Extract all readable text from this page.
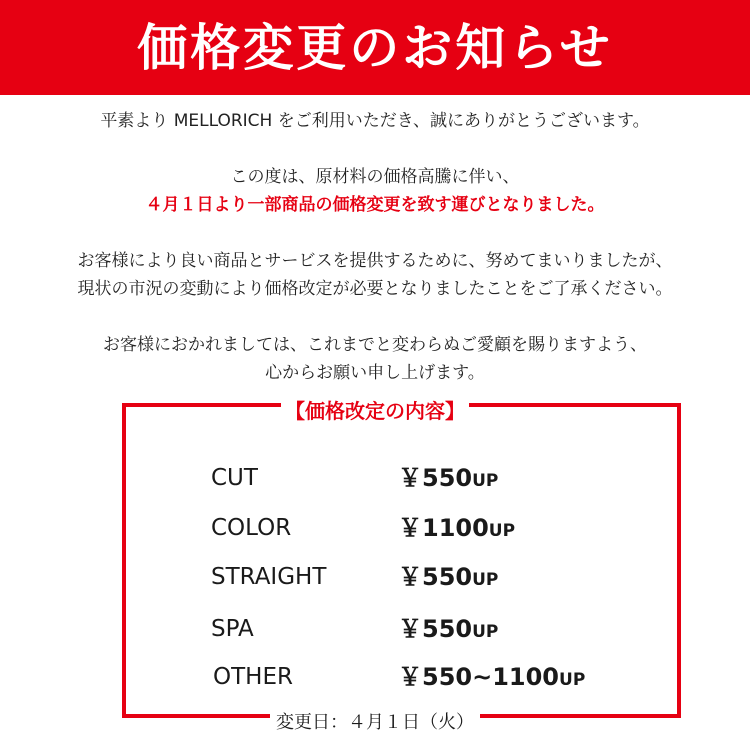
価格変更のお知らせ
平素より MELLORICH をご利用いただき、誠にありがとうございます。
この度は、原材料の価格高騰に伴い、
４月１日より一部商品の価格変更を致す運びとなりました。
お客様により良い商品とサービスを提供するために、努めてまいりましたが、
現状の市況の変動により価格改定が必要となりましたことをご了承ください。
お客様におかれましては、これまでと変わらぬご愛顧を賜りますよう、
心からお願い申し上げます。
【価格改定の内容】
CUT	￥550UP
COLOR	￥1100UP
STRAIGHT	￥550UP
SPA	￥550UP
OTHER	￥550~1100UP
変更日：４月１日（火）
